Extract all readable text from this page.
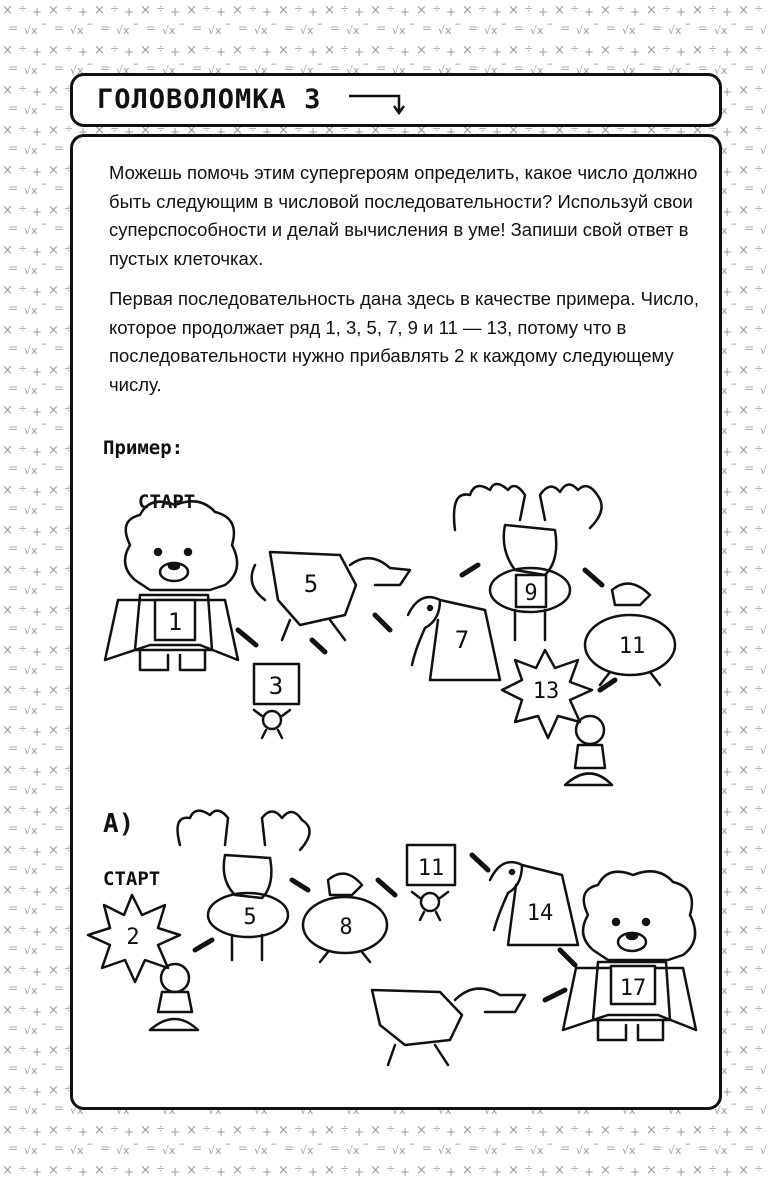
ГОЛОВОЛОМКА 3
Можешь помочь этим супергероям определить, какое число должно быть следующим в числовой последовательности? Используй свои суперспособности и делай вычисления в уме! Запиши свой ответ в пустых клеточках.
Первая последовательность дана здесь в качестве примера. Число, которое продолжает ряд 1, 3, 5, 7, 9 и 11 — 13, потому что в последовательности нужно прибавлять 2 к каждому следующему числу.
Пример:
А)
СТАРТ
1
3
5
7
9
11
13
СТАРТ
2
5	8
11
14
17
